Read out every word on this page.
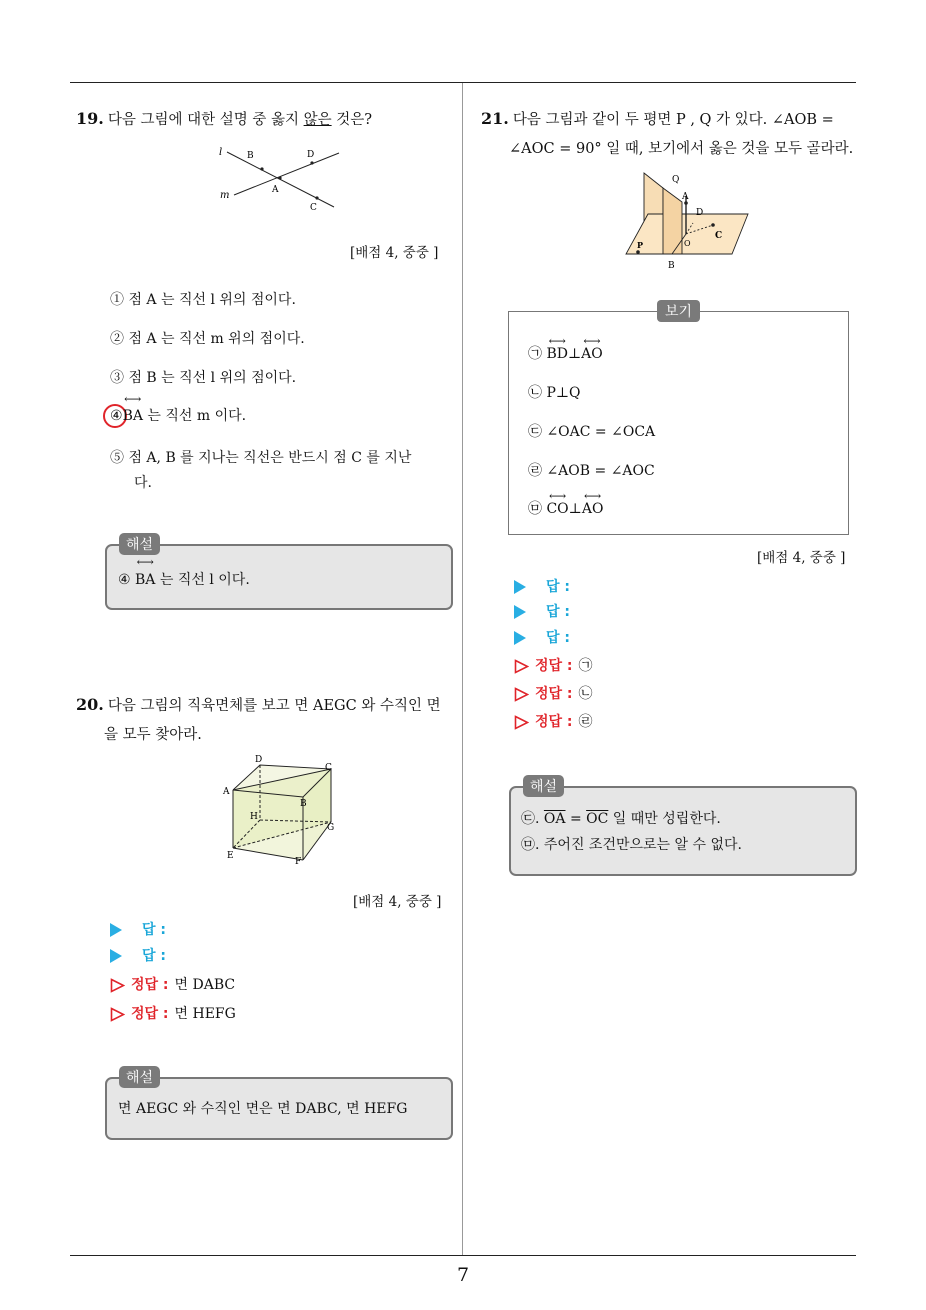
7
19. 다음 그림에 대한 설명 중 옳지 않은 것은?
l	B	D
m	A
C
[배점 4, 중중 ]
① 점 A 는 직선 l 위의 점이다.
② 점 A 는 직선 m 위의 점이다.
③ 점 B 는 직선 l 위의 점이다.
④⟷ BA 는 직선 m 이다.
⑤ 점 A, B 를 지나는 직선은 반드시 점 C 를 지난
다.
해설
④ ⟷ BA 는 직선 l 이다.
20. 다음 그림의 직육면체를 보고 면 AEGC 와 수직인 면
을 모두 찾아라.
D
C
A
B
H
G
E
F
[배점 4, 중중 ]
답 :
답 :
정답 : 면 DABC
정답 : 면 HEFG
해설
면 AEGC 와 수직인 면은 면 DABC, 면 HEFG
21. 다음 그림과 같이 두 평면 P , Q 가 있다. ∠AOB =
∠AOC = 90° 일 때, 보기에서 옳은 것을 모두 골라라.
Q
A
D
C
O
P
B
보기
㉠ ⟷ BD⊥⟷ AO
㉡ P⊥Q
㉢ ∠OAC = ∠OCA
㉣ ∠AOB = ∠AOC
㉤ ⟷ CO⊥⟷ AO
[배점 4, 중중 ]
답 :
답 :
답 :
정답 : ㉠
정답 : ㉡
정답 : ㉣
해설
㉢. $\overline{OA} = \overline{OC}$ 일 때만 성립한다.
㉤. 주어진 조건만으로는 알 수 없다.
